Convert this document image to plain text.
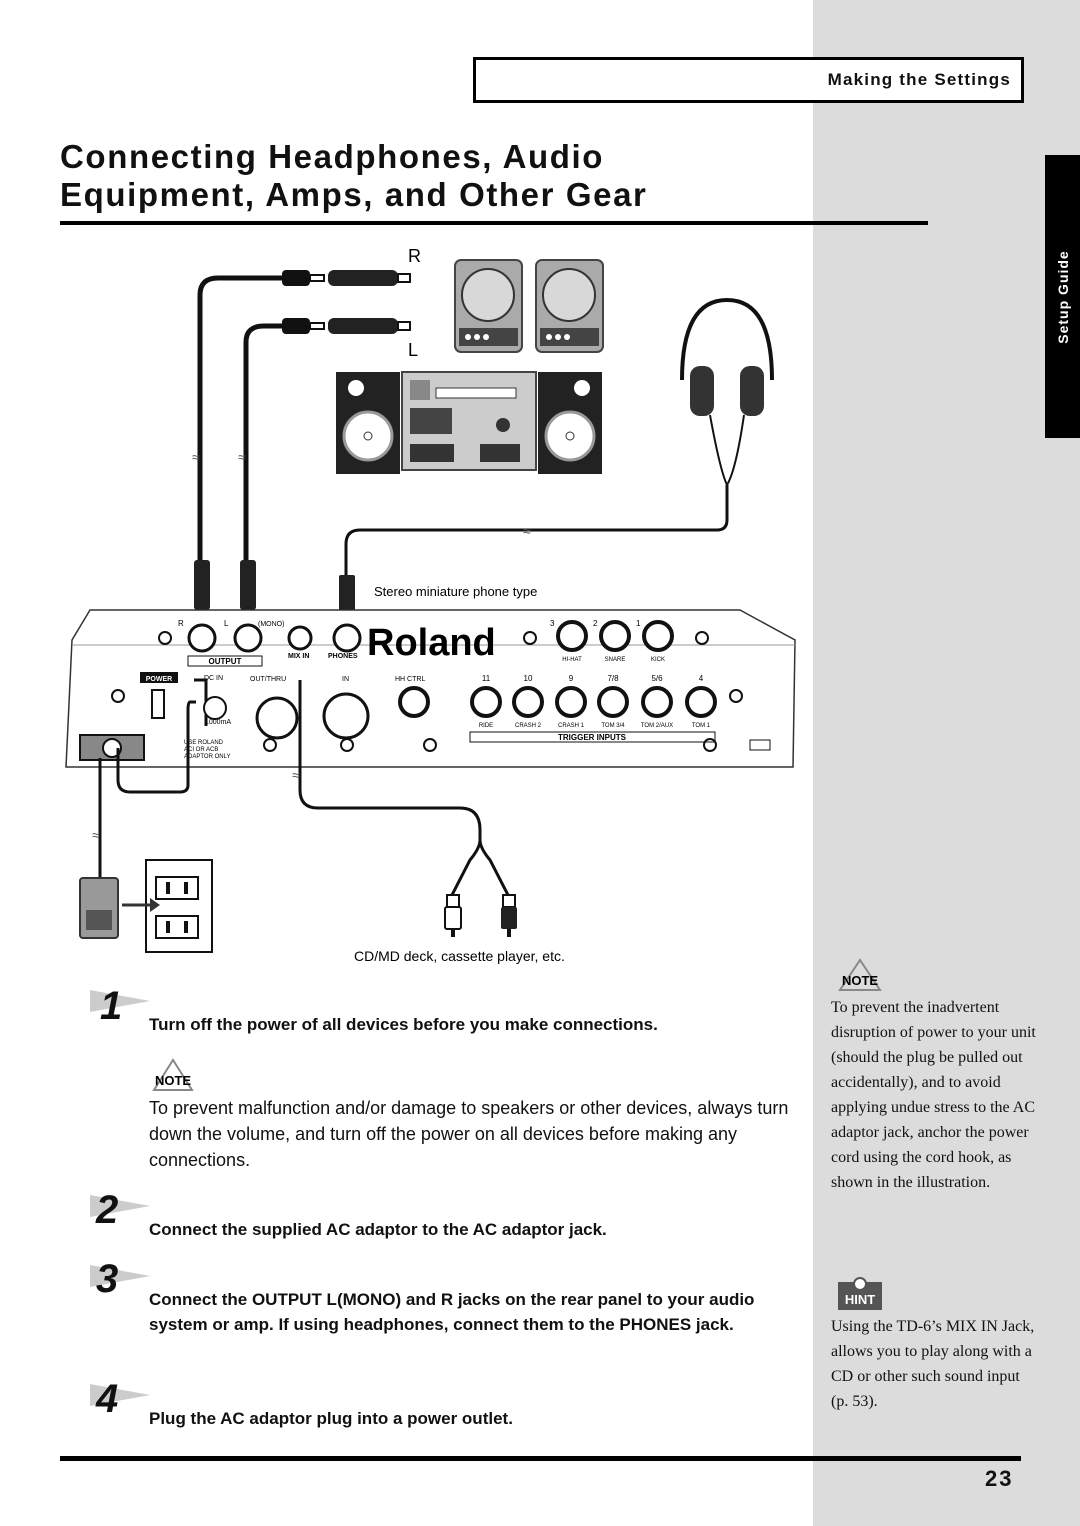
Setup Guide
Making the Settings
Connecting Headphones, Audio
Equipment, Amps, and Other Gear
R
L
≈	≈
≈
Stereo miniature phone type
R	L	(MONO)
OUTPUT
MIX IN	PHONES Roland	3	2	1
HI-HAT	SNARE	KICK
POWER	DC IN	OUT/THRU	IN	HH CTRL
1000mA
USE ROLAND
ACI OR ACB
ADAPTOR ONLY
11	10	9	7/8	5/6	4
RIDE	CRASH 2	CRASH 1	TOM 3/4	TOM 2/AUX	TOM 1
TRIGGER INPUTS
≈
≈
CD/MD deck, cassette player, etc.
1 Turn off the power of all devices before you make connections.
NOTE
To prevent malfunction and/or damage to speakers or other devices, always turn down the volume, and turn off the power on all devices before making any connections.
2 Connect the supplied AC adaptor to the AC adaptor jack.
3 Connect the OUTPUT L(MONO) and R jacks on the rear panel to your audio system or amp. If using headphones, connect them to the PHONES jack.
4 Plug the AC adaptor plug into a power outlet.
NOTE
To prevent the inadvertent disruption of power to your unit (should the plug be pulled out accidentally), and to avoid applying undue stress to the AC adaptor jack, anchor the power cord using the cord hook, as shown in the illustration.
HINT
Using the TD-6’s MIX IN Jack, allows you to play along with a CD or other such sound input (p. 53).
23
